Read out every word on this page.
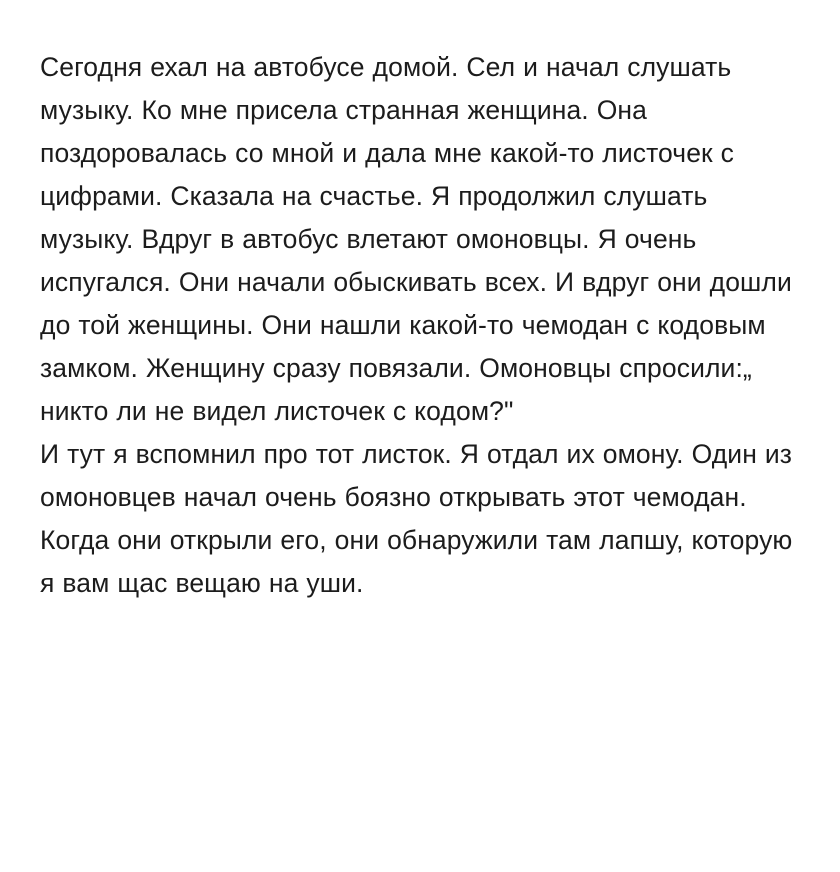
Сегодня ехал на автобусе домой. Сел и начал слушать музыку. Ко мне присела странная женщина. Она поздоровалась со мной и дала мне какой-то листочек с цифрами. Сказала на счастье. Я продолжил слушать музыку. Вдруг в автобус влетают омоновцы. Я очень испугался. Они начали обыскивать всех. И вдруг они дошли до той женщины. Они нашли какой-то чемодан с кодовым замком. Женщину сразу повязали. Омоновцы спросили:„ никто ли не видел листочек с кодом?"

И тут я вспомнил про тот листок. Я отдал их омону. Один из омоновцев начал очень боязно открывать этот чемодан. Когда они открыли его, они обнаружили там лапшу, которую я вам щас вещаю на уши.
